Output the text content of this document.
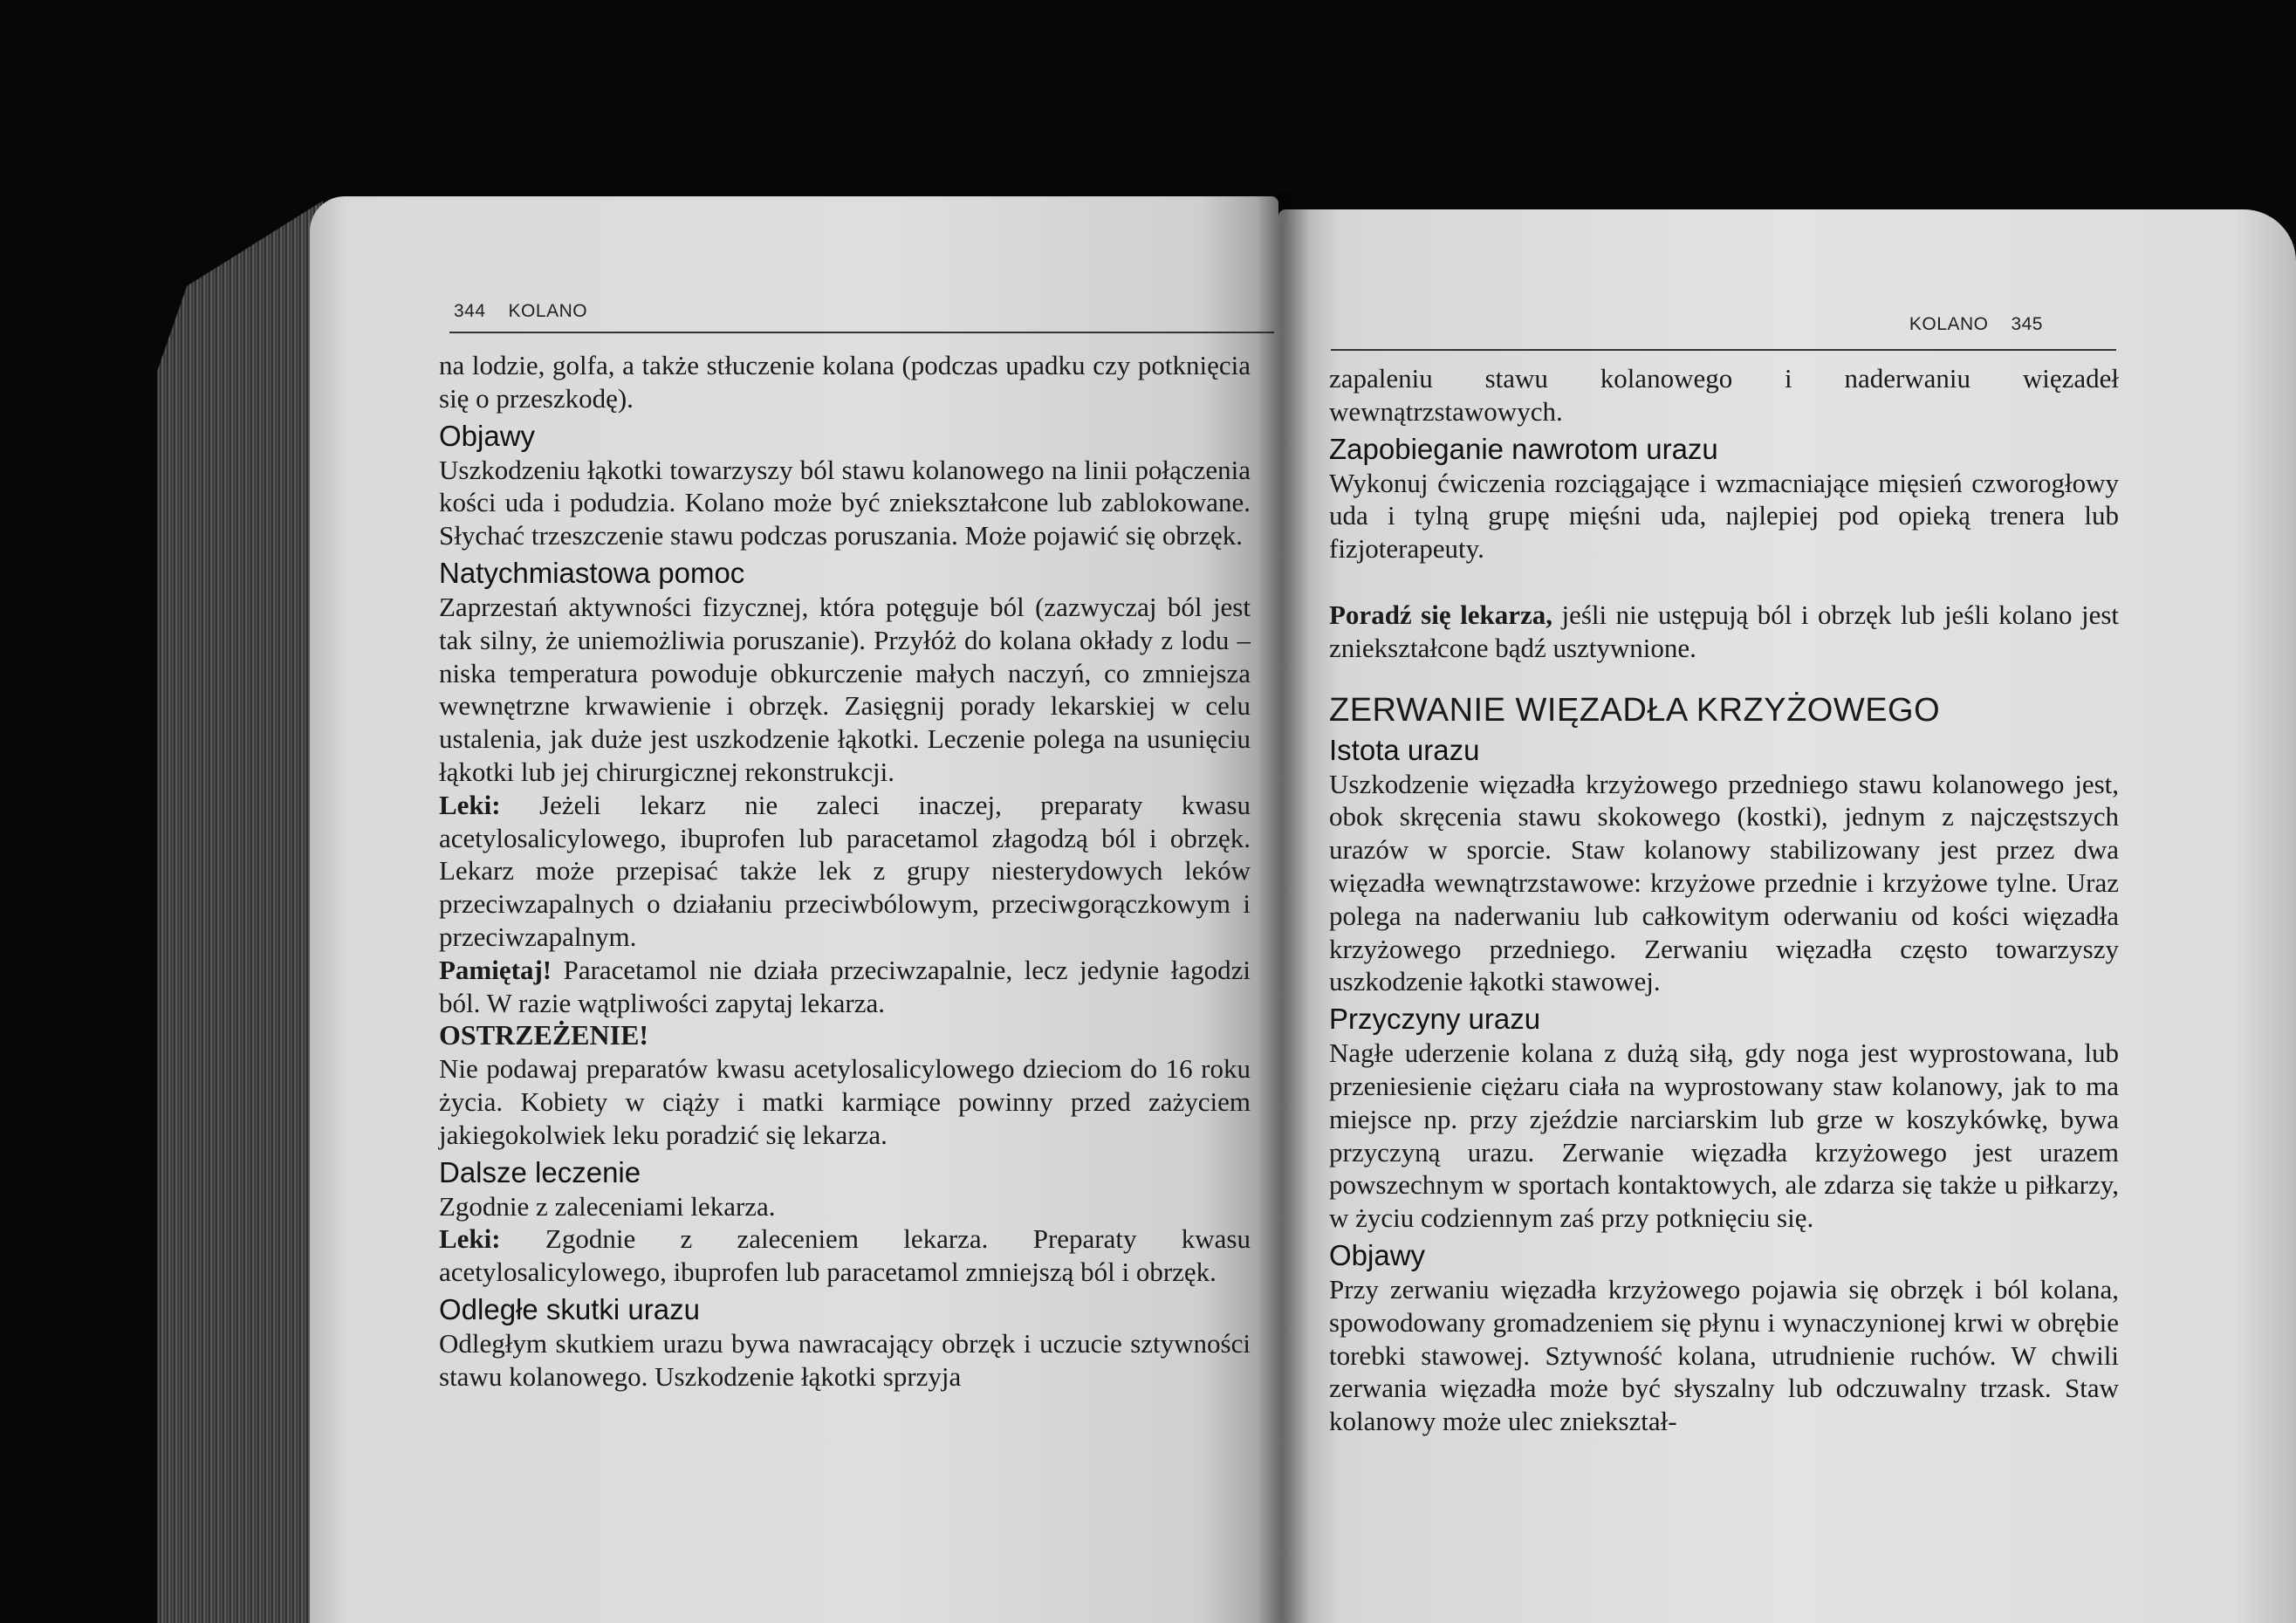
344 KOLANO

na lodzie, golfa, a także stłuczenie kolana (podczas upadku czy potknięcia się o przeszkodę).

Objawy

Uszkodzeniu łąkotki towarzyszy ból stawu kolanowego na linii połączenia kości uda i podudzia. Kolano może być zniekształcone lub zablokowane. Słychać trzeszczenie stawu podczas poruszania. Może pojawić się obrzęk.

Natychmiastowa pomoc

Zaprzestań aktywności fizycznej, która potęguje ból (zazwyczaj ból jest tak silny, że uniemożliwia poruszanie). Przyłóż do kolana okłady z lodu – niska temperatura powoduje obkurczenie małych naczyń, co zmniejsza wewnętrzne krwawienie i obrzęk. Zasięgnij porady lekarskiej w celu ustalenia, jak duże jest uszkodzenie łąkotki. Leczenie polega na usunięciu łąkotki lub jej chirurgicznej rekonstrukcji.

Leki: Jeżeli lekarz nie zaleci inaczej, preparaty kwasu acetylosalicylowego, ibuprofen lub paracetamol złagodzą ból i obrzęk. Lekarz może przepisać także lek z grupy niesterydowych leków przeciwzapalnych o działaniu przeciwbólowym, przeciwgorączkowym i przeciwzapalnym.

Pamiętaj! Paracetamol nie działa przeciwzapalnie, lecz jedynie łagodzi ból. W razie wątpliwości zapytaj lekarza.

OSTRZEŻENIE!

Nie podawaj preparatów kwasu acetylosalicylowego dzieciom do 16 roku życia. Kobiety w ciąży i matki karmiące powinny przed zażyciem jakiegokolwiek leku poradzić się lekarza.

Dalsze leczenie

Zgodnie z zaleceniami lekarza.

Leki: Zgodnie z zaleceniem lekarza. Preparaty kwasu acetylosalicylowego, ibuprofen lub paracetamol zmniejszą ból i obrzęk.

Odległe skutki urazu

Odległym skutkiem urazu bywa nawracający obrzęk i uczucie sztywności stawu kolanowego. Uszkodzenie łąkotki sprzyja

KOLANO 345

zapaleniu stawu kolanowego i naderwaniu więzadeł wewnątrzstawowych.

Zapobieganie nawrotom urazu

Wykonuj ćwiczenia rozciągające i wzmacniające mięsień czworogłowy uda i tylną grupę mięśni uda, najlepiej pod opieką trenera lub fizjoterapeuty.

Poradź się lekarza, jeśli nie ustępują ból i obrzęk lub jeśli kolano jest zniekształcone bądź usztywnione.

ZERWANIE WIĘZADŁA KRZYŻOWEGO
Istota urazu

Uszkodzenie więzadła krzyżowego przedniego stawu kolanowego jest, obok skręcenia stawu skokowego (kostki), jednym z najczęstszych urazów w sporcie. Staw kolanowy stabilizowany jest przez dwa więzadła wewnątrzstawowe: krzyżowe przednie i krzyżowe tylne. Uraz polega na naderwaniu lub całkowitym oderwaniu od kości więzadła krzyżowego przedniego. Zerwaniu więzadła często towarzyszy uszkodzenie łąkotki stawowej.

Przyczyny urazu

Nagłe uderzenie kolana z dużą siłą, gdy noga jest wyprostowana, lub przeniesienie ciężaru ciała na wyprostowany staw kolanowy, jak to ma miejsce np. przy zjeździe narciarskim lub grze w koszykówkę, bywa przyczyną urazu. Zerwanie więzadła krzyżowego jest urazem powszechnym w sportach kontaktowych, ale zdarza się także u piłkarzy, w życiu codziennym zaś przy potknięciu się.

Objawy

Przy zerwaniu więzadła krzyżowego pojawia się obrzęk i ból kolana, spowodowany gromadzeniem się płynu i wynaczynionej krwi w obrębie torebki stawowej. Sztywność kolana, utrudnienie ruchów. W chwili zerwania więzadła może być słyszalny lub odczuwalny trzask. Staw kolanowy może ulec zniekształ-
